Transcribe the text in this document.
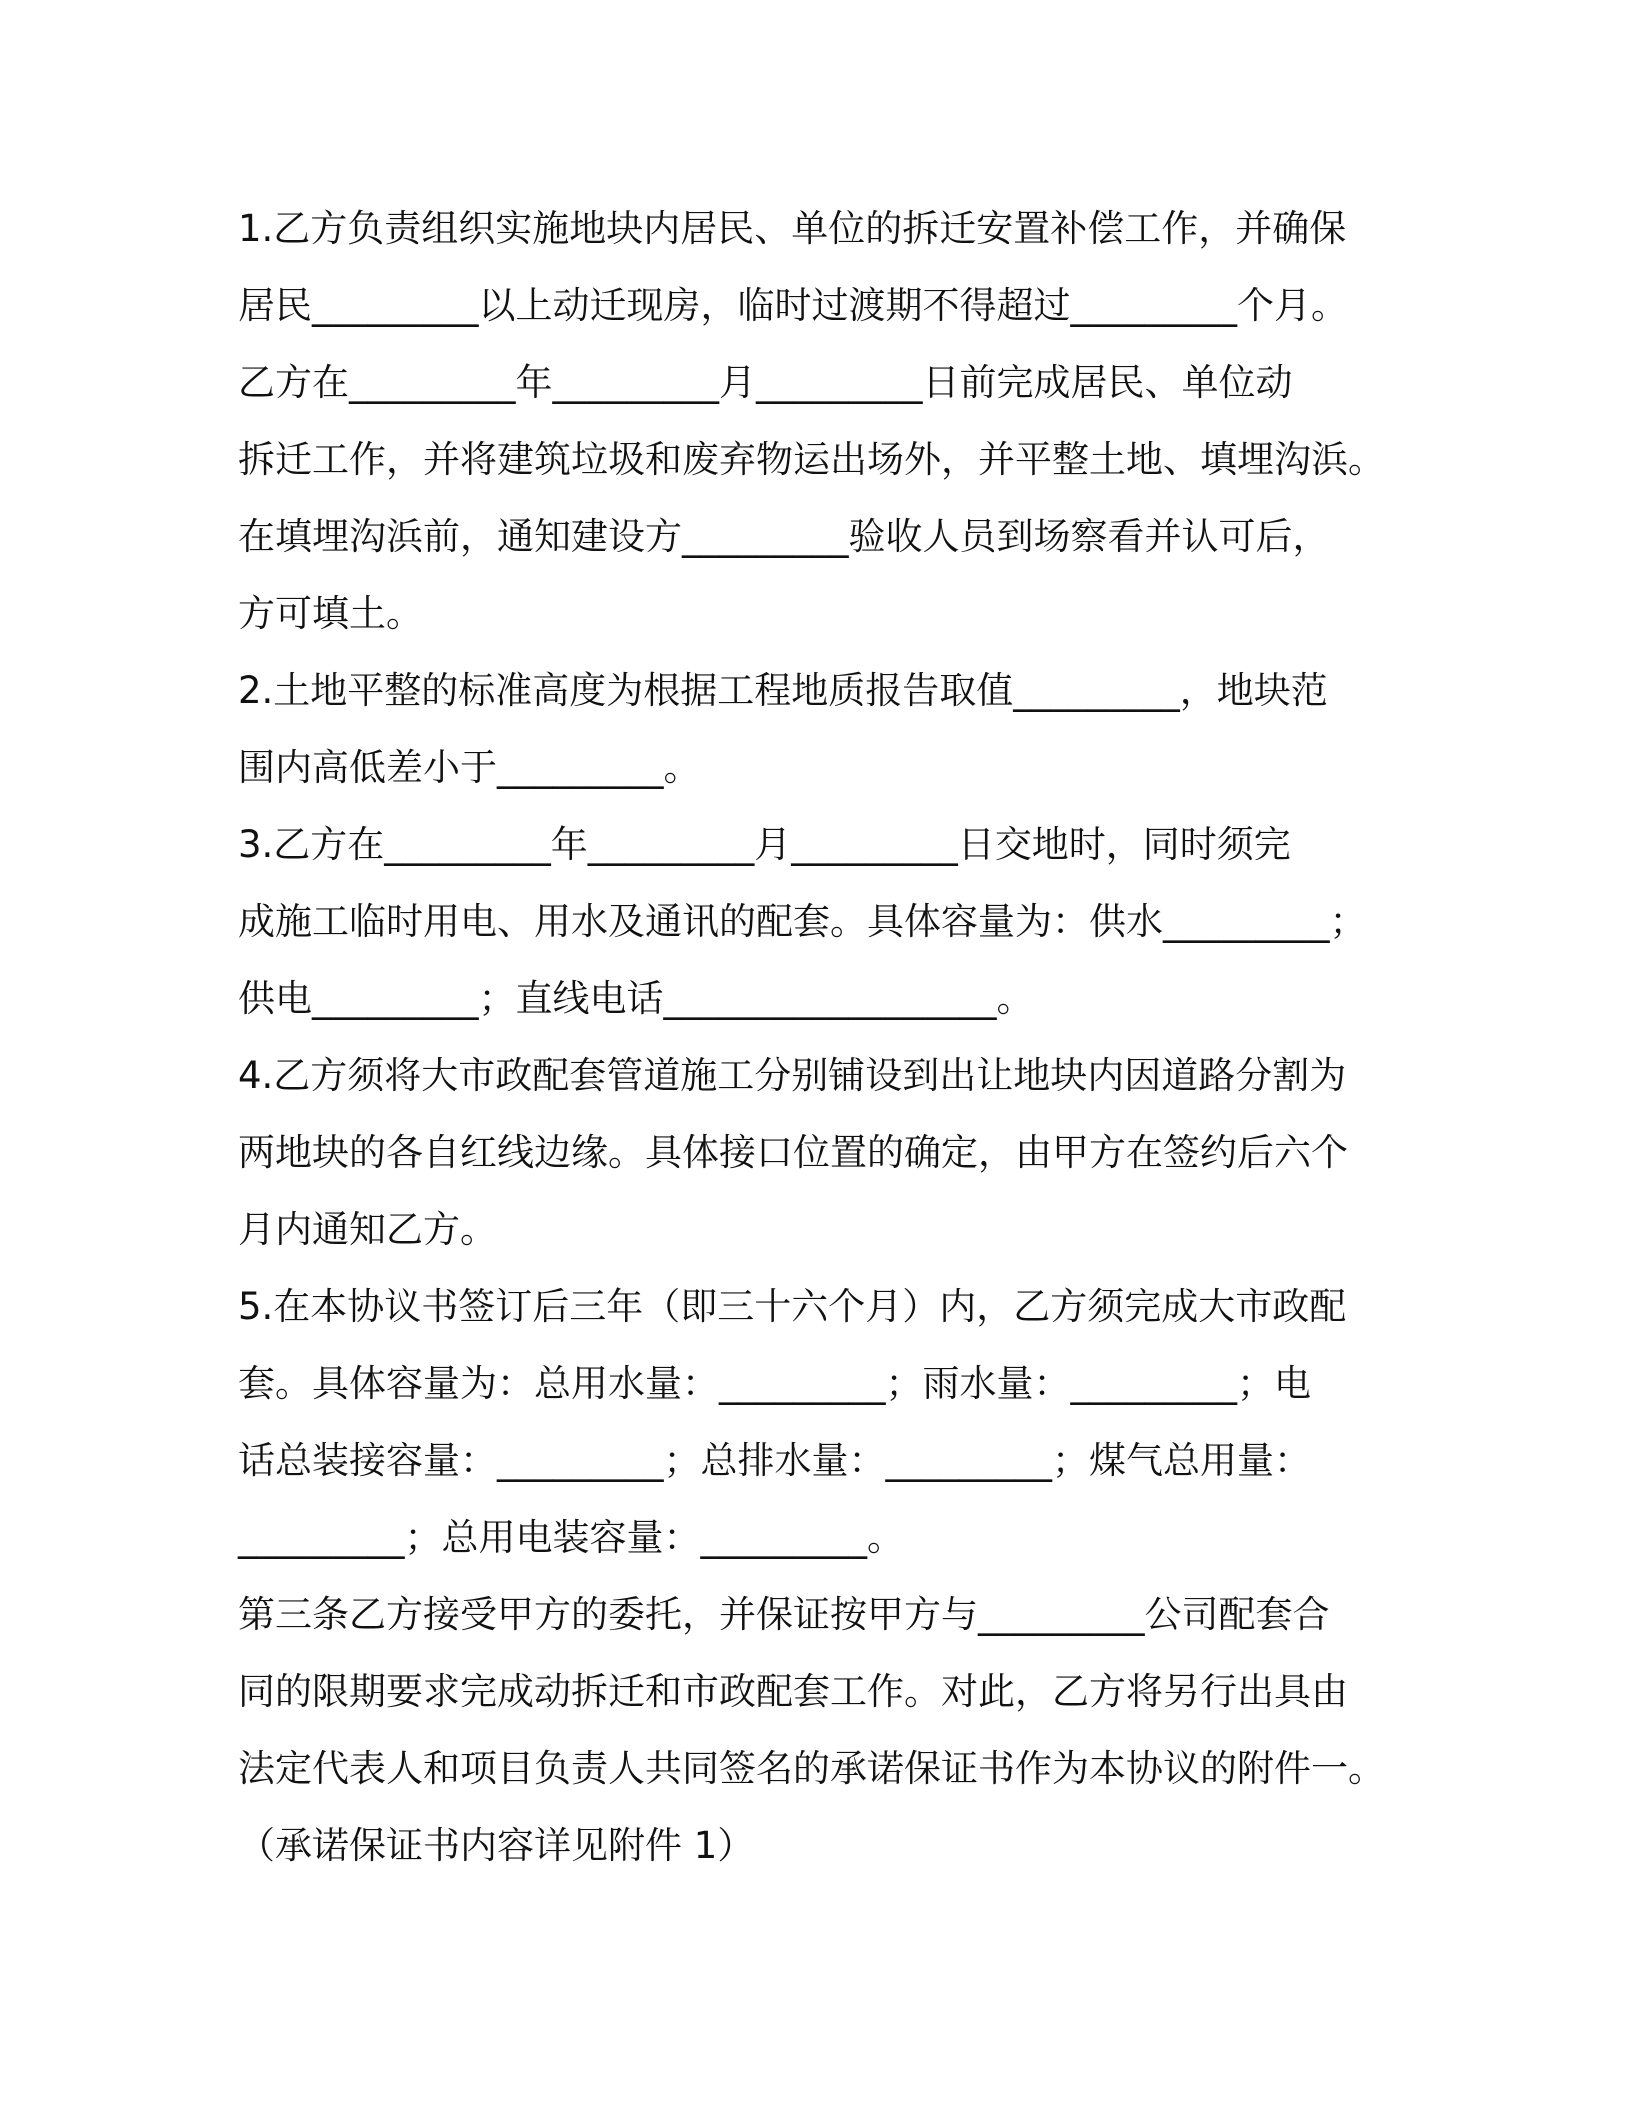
1.乙方负责组织实施地块内居民、单位的拆迁安置补偿工作，并确保
居民_________以上动迁现房，临时过渡期不得超过_________个月。
乙方在_________年_________月_________日前完成居民、单位动
拆迁工作，并将建筑垃圾和废弃物运出场外，并平整土地、填埋沟浜。
在填埋沟浜前，通知建设方_________验收人员到场察看并认可后，
方可填土。
2.土地平整的标准高度为根据工程地质报告取值_________，地块范
围内高低差小于_________。
3.乙方在_________年_________月_________日交地时，同时须完
成施工临时用电、用水及通讯的配套。具体容量为：供水_________；
供电_________；直线电话__________________。
4.乙方须将大市政配套管道施工分别铺设到出让地块内因道路分割为
两地块的各自红线边缘。具体接口位置的确定，由甲方在签约后六个
月内通知乙方。
5.在本协议书签订后三年（即三十六个月）内，乙方须完成大市政配
套。具体容量为：总用水量：_________；雨水量：_________；电
话总装接容量：_________；总排水量：_________；煤气总用量：
_________；总用电装容量：_________。
第三条乙方接受甲方的委托，并保证按甲方与_________公司配套合
同的限期要求完成动拆迁和市政配套工作。对此，乙方将另行出具由
法定代表人和项目负责人共同签名的承诺保证书作为本协议的附件一。
（承诺保证书内容详见附件 1）
